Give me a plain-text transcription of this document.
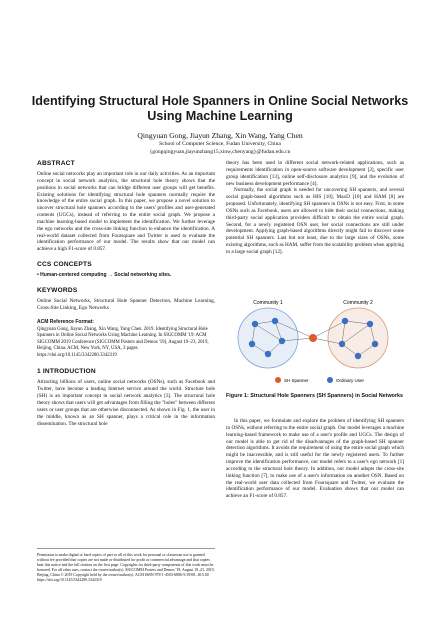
Identifying Structural Hole Spanners in Online Social Networks Using Machine Learning
Qingyuan Gong, Jiayun Zhang, Xin Wang, Yang Chen
School of Computer Science, Fudan University, China
{gongqingyuan,jiayunzhang15,xinw,chenyang}@fudan.edu.cn
ABSTRACT

Online social networks play an important role in our daily activities. As an important concept in social network analytics, the structural hole theory shows that the positions in social networks that can bridge different user groups will get benefits. Existing solutions for identifying structural hole spanners normally require the knowledge of the entire social graph. In this paper, we propose a novel solution to uncover structural hole spanners according to the users' profiles and user-generated contents (UGCs), instead of referring to the entire social graph. We propose a machine learning-based model to implement the identification. We further leverage the ego networks and the cross-site linking function to enhance the identification. A real-world dataset collected from Foursquare and Twitter is used to evaluate the identification performance of our model. The results show that our model can achieve a high F1-score of 0.857.

CCS CONCEPTS

• Human-centered computing → Social networking sites.

KEYWORDS

Online Social Networks, Structural Hole Spanner Detection, Machine Learning, Cross-Site Linking, Ego Networks

ACM Reference Format:

Qingyuan Gong, Jiayun Zhang, Xin Wang, Yang Chen. 2019. Identifying Structural Hole Spanners in Online Social Networks Using Machine Learning. In SIGCOMM '19: ACM SIGCOMM 2019 Conference (SIGCOMM Posters and Demos '19), August 19–23, 2019, Beijing, China. ACM, New York, NY, USA, 3 pages. https://doi.org/10.1145/3342280.3342319

1 INTRODUCTION

Attracting billions of users, online social networks (OSNs), such as Facebook and Twitter, have become a leading Internet service around the world. Structure hole (SH) is an important concept in social network analytics [3]. The structural hole theory shows that users will get advantages from filling the "holes" between different users or user groups that are otherwise disconnected. As shown in Fig. 1, the user in the middle, known as an SH spanner, plays a critical role in the information dissemination. The structural hole

Permission to make digital or hard copies of part or all of this work for personal or classroom use is granted without fee provided that copies are not made or distributed for profit or commercial advantage and that copies bear this notice and the full citation on the first page. Copyrights for third-party components of this work must be honored. For all other uses, contact the owner/author(s). SIGCOMM Posters and Demos '19, August 19–23, 2019, Beijing, China © 2019 Copyright held by the owner/author(s). ACM ISBN 978-1-4503-6886-5/19/08...$15.00 https://doi.org/10.1145/3342280.3342319

theory has been used in different social network-related applications, such as requirements identification in open-source software development [2], specific user group identification [13], online self-disclosure analytics [9], and the evolution of new business development performance [4].

Normally, the social graph is needed for uncovering SH spanners, and several social graph-based algorithms such as HIS [10], MaxD [10] and HAM [8] are proposed. Unfortunately, identifying SH spanners in OSNs is not easy. First, in some OSNs such as Facebook, users are allowed to hide their social connections, making third-party social application providers difficult to obtain the entire social graph. Second, for a newly registered OSN user, her social connections are still under development. Applying graph-based algorithms directly might fail to discover some potential SH spanners. Last but not least, due to the large sizes of OSNs, some existing algorithms, such as HAM, suffer from the scalability problem when applying to a large social graph [12].

Community 1	Community 2
SH Spanner	Ordinary User
Figure 1: Structural Hole Spanners (SH Spanners) in Social Networks

In this paper, we formulate and explore the problem of identifying SH spanners in OSNs, without referring to the entire social graph. Our model leverages a machine learning-based framework to make use of a user's profile and UGCs. The design of our model is able to get rid of the disadvantages of the graph-based SH spanner detection algorithms. It avoids the requirement of using the entire social graph which might be inaccessible, and is still useful for the newly registered users. To further improve the identification performance, our model refers to a user's ego network [1] according to the structural hole theory. In addition, our model adopts the cross-site linking function [7], to make use of a user's information on another OSN. Based on the real-world user data collected from Foursquare and Twitter, we evaluate the identification performance of our model. Evaluation shows that our model can achieve an F1-score of 0.857.
